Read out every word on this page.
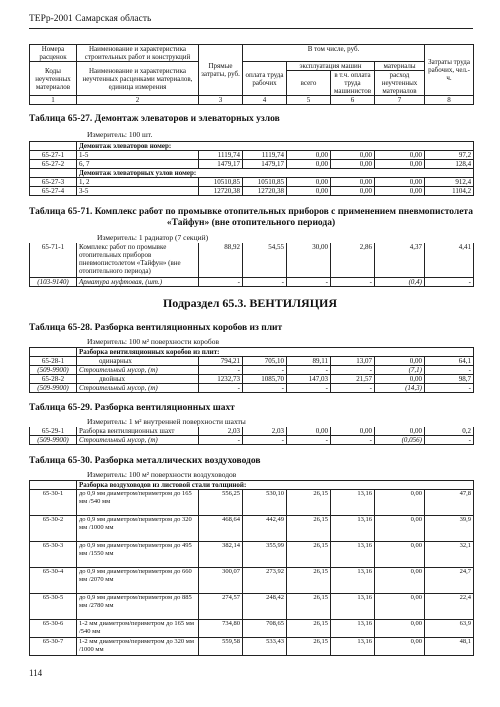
ТЕРр-2001 Самарская область
Номера расценок	Наименование и характеристика строительных работ и конструкций	Прямые затраты, руб.	В том числе, руб.				Затраты труда рабочих, чел.-ч.
Коды неучтенных материалов	Наименование и характеристика неучтенных расценками материалов, единица измерения		оплата труда рабочих	эксплуатация машин		материалы	
				всего	в т.ч. оплата труда машинистов	расход неучтенных материалов	

1	2	3	4	5	6	7	8
Таблица 65-27. Демонтаж элеваторов и элеваторных узлов
Измеритель: 100 шт.
	Демонтаж элеваторов номер:						
65-27-1	1-5	1119,74	1119,74	0,00	0,00	0,00	97,2
65-27-2	6, 7	1479,17	1479,17	0,00	0,00	0,00	128,4
	Демонтаж элеваторных узлов номер:						
65-27-3	1, 2	10510,85	10510,85	0,00	0,00	0,00	912,4
65-27-4	3-5	12720,38	12720,38	0,00	0,00	0,00	1104,2
Таблица 65-71. Комплекс работ по промывке отопительных приборов с применением пневмопистолета «Тайфун» (вне отопительного периода)
Измеритель: 1 радиатор (7 секций)
65-71-1	Комплекс работ по промывке отопительных приборов пневмопистолетом «Тайфун» (вне отопительного периода)	88,92	54,55	30,00	2,86	4,37	4,41
(103-9140)	Арматура муфтовая, (шт.)	-	-	-	-	(0,4)	-
Подраздел 65.3. ВЕНТИЛЯЦИЯ
Таблица 65-28. Разборка вентиляционных коробов из плит
Измеритель: 100 м² поверхности коробов
	Разборка вентиляционных коробов из плит:						
65-28-1	одинарных	794,21	705,10	89,11	13,07	0,00	64,1
(509-9900)	Строительный мусор, (т)	-	-	-	-	(7,1)	-
65-28-2	двойных	1232,73	1085,70	147,03	21,57	0,00	98,7
(509-9900)	Строительный мусор, (т)	-	-	-	-	(14,3)	-
Таблица 65-29. Разборка вентиляционных шахт
Измеритель: 1 м² внутренней поверхности шахты
65-29-1	Разборка вентиляционных шахт	2,03	2,03	0,00	0,00	0,00	0,2
(509-9900)	Строительный мусор, (т)	-	-	-	-	(0,056)	-
Таблица 65-30. Разборка металлических воздуховодов
Измеритель: 100 м² поверхности воздуховодов
	Разборка воздуховодов из листовой стали толщиной:						
65-30-1	до 0,9 мм диаметром/периметром до 165 мм /540 мм	556,25	530,10	26,15	13,16	0,00	47,8
65-30-2	до 0,9 мм диаметром/периметром до 320 мм /1000 мм	468,64	442,49	26,15	13,16	0,00	39,9
65-30-3	до 0,9 мм диаметром/периметром до 495 мм /1550 мм	382,14	355,99	26,15	13,16	0,00	32,1
65-30-4	до 0,9 мм диаметром/периметром до 660 мм /2070 мм	300,07	273,92	26,15	13,16	0,00	24,7
65-30-5	до 0,9 мм диаметром/периметром до 885 мм /2780 мм	274,57	248,42	26,15	13,16	0,00	22,4
65-30-6	1-2 мм диаметром/периметром до 165 мм /540 мм	734,80	708,65	26,15	13,16	0,00	63,9
65-30-7	1-2 мм диаметром/периметром до 320 мм /1000 мм	559,58	533,43	26,15	13,16	0,00	48,1
114
